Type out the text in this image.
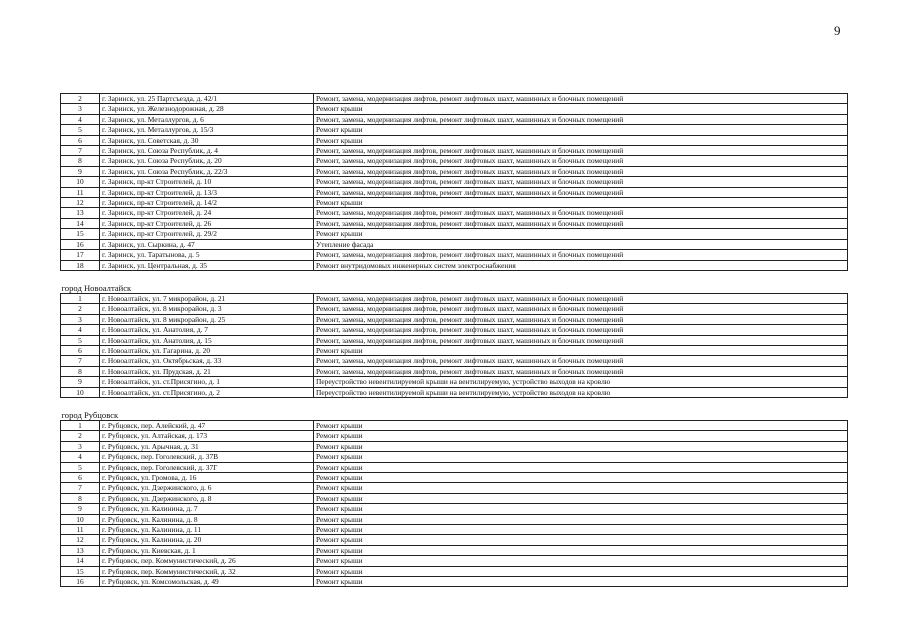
9
2	г. Заринск, ул. 25 Партсъезда, д. 42/1	Ремонт, замена, модернизация лифтов, ремонт лифтовых шахт, машинных и блочных помещений
3	г. Заринск, ул. Железнодорожная, д. 28	Ремонт крыши
4	г. Заринск, ул. Металлургов, д. 6	Ремонт, замена, модернизация лифтов, ремонт лифтовых шахт, машинных и блочных помещений
5	г. Заринск, ул. Металлургов, д. 15/3	Ремонт крыши
6	г. Заринск, ул. Советская, д. 30	Ремонт крыши
7	г. Заринск, ул. Союза Республик, д. 4	Ремонт, замена, модернизация лифтов, ремонт лифтовых шахт, машинных и блочных помещений
8	г. Заринск, ул. Союза Республик, д. 20	Ремонт, замена, модернизация лифтов, ремонт лифтовых шахт, машинных и блочных помещений
9	г. Заринск, ул. Союза Республик, д. 22/3	Ремонт, замена, модернизация лифтов, ремонт лифтовых шахт, машинных и блочных помещений
10	г. Заринск, пр-кт Строителей, д. 10	Ремонт, замена, модернизация лифтов, ремонт лифтовых шахт, машинных и блочных помещений
11	г. Заринск, пр-кт Строителей, д. 13/3	Ремонт, замена, модернизация лифтов, ремонт лифтовых шахт, машинных и блочных помещений
12	г. Заринск, пр-кт Строителей, д. 14/2	Ремонт крыши
13	г. Заринск, пр-кт Строителей, д. 24	Ремонт, замена, модернизация лифтов, ремонт лифтовых шахт, машинных и блочных помещений
14	г. Заринск, пр-кт Строителей, д. 26	Ремонт, замена, модернизация лифтов, ремонт лифтовых шахт, машинных и блочных помещений
15	г. Заринск, пр-кт Строителей, д. 29/2	Ремонт крыши
16	г. Заринск, ул. Сыркина, д. 47	Утепление фасада
17	г. Заринск, ул. Таратынова, д. 5	Ремонт, замена, модернизация лифтов, ремонт лифтовых шахт, машинных и блочных помещений
18	г. Заринск, ул. Центральная, д. 35	Ремонт внутридомовых инженерных систем электроснабжения

город Новоалтайск		

1	г. Новоалтайск, ул. 7 микрорайон, д. 21	Ремонт, замена, модернизация лифтов, ремонт лифтовых шахт, машинных и блочных помещений
2	г. Новоалтайск, ул. 8 микрорайон, д. 3	Ремонт, замена, модернизация лифтов, ремонт лифтовых шахт, машинных и блочных помещений
3	г. Новоалтайск, ул. 8 микрорайон, д. 25	Ремонт, замена, модернизация лифтов, ремонт лифтовых шахт, машинных и блочных помещений
4	г. Новоалтайск, ул. Анатолия, д. 7	Ремонт, замена, модернизация лифтов, ремонт лифтовых шахт, машинных и блочных помещений
5	г. Новоалтайск, ул. Анатолия, д. 15	Ремонт, замена, модернизация лифтов, ремонт лифтовых шахт, машинных и блочных помещений
6	г. Новоалтайск, ул. Гагарина, д. 20	Ремонт крыши
7	г. Новоалтайск, ул. Октябрьская, д. 33	Ремонт, замена, модернизация лифтов, ремонт лифтовых шахт, машинных и блочных помещений
8	г. Новоалтайск, ул. Прудская, д. 21	Ремонт, замена, модернизация лифтов, ремонт лифтовых шахт, машинных и блочных помещений
9	г. Новоалтайск, ул. ст.Присягино, д. 1	Переустройство невентилируемой крыши на вентилируемую, устройство выходов на кровлю
10	г. Новоалтайск, ул. ст.Присягино, д. 2	Переустройство невентилируемой крыши на вентилируемую, устройство выходов на кровлю

город Рубцовск		

1	г. Рубцовск, пер. Алейский, д. 47	Ремонт крыши
2	г. Рубцовск, ул. Алтайская, д. 173	Ремонт крыши
3	г. Рубцовск, ул. Арычная, д. 31	Ремонт крыши
4	г. Рубцовск, пер. Гоголевский, д. 37В	Ремонт крыши
5	г. Рубцовск, пер. Гоголевский, д. 37Г	Ремонт крыши
6	г. Рубцовск, ул. Громова, д. 16	Ремонт крыши
7	г. Рубцовск, ул. Дзержинского, д. 6	Ремонт крыши
8	г. Рубцовск, ул. Дзержинского, д. 8	Ремонт крыши
9	г. Рубцовск, ул. Калинина, д. 7	Ремонт крыши
10	г. Рубцовск, ул. Калинина, д. 8	Ремонт крыши
11	г. Рубцовск, ул. Калинина, д. 11	Ремонт крыши
12	г. Рубцовск, ул. Калинина, д. 20	Ремонт крыши
13	г. Рубцовск, ул. Киевская, д. 1	Ремонт крыши
14	г. Рубцовск, пер. Коммунистический, д. 26	Ремонт крыши
15	г. Рубцовск, пер. Коммунистический, д. 32	Ремонт крыши
16	г. Рубцовск, ул. Комсомольская, д. 49	Ремонт крыши
